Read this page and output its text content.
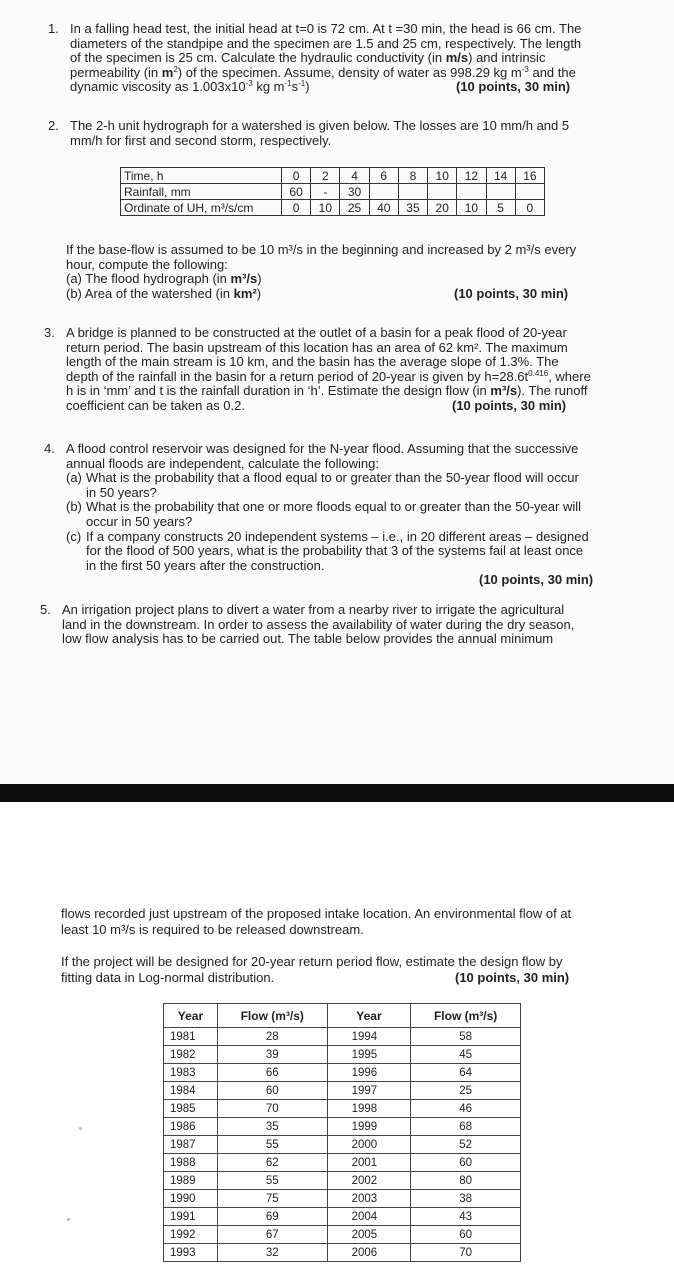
1. In a falling head test, the initial head at t=0 is 72 cm. At t =30 min, the head is 66 cm. The
diameters of the standpipe and the specimen are 1.5 and 25 cm, respectively. The length
of the specimen is 25 cm. Calculate the hydraulic conductivity (in m/s) and intrinsic
permeability (in $m^2$) of the specimen. Assume, density of water as 998.29 kg $m^{-3}$ and the
dynamic viscosity as $1.003x10^{-3}$ kg $m^{-1}s^{-1}$)	(10 points, 30 min)
2. The 2-h unit hydrograph for a watershed is given below. The losses are 10 mm/h and 5
mm/h for first and second storm, respectively.
Time, h	0	2	4	6	8	10	12	14	16
Rainfall, mm	60	-	30						
Ordinate of UH, m³/s/cm	0	10	25	40	35	20	10	5	0
If the base-flow is assumed to be 10 m³/s in the beginning and increased by 2 m³/s every
hour, compute the following:
(a) The flood hydrograph (in m³/s)
(b) Area of the watershed (in km²)	(10 points, 30 min)
3. A bridge is planned to be constructed at the outlet of a basin for a peak flood of 20-year
return period. The basin upstream of this location has an area of 62 km². The maximum
length of the main stream is 10 km, and the basin has the average slope of 1.3%. The
depth of the rainfall in the basin for a return period of 20-year is given by $h=28.6t^{0.416}$, where
h is in ‘mm’ and t is the rainfall duration in ‘h’. Estimate the design flow (in m³/s). The runoff
coefficient can be taken as 0.2.	(10 points, 30 min)
4. A flood control reservoir was designed for the N-year flood. Assuming that the successive
annual floods are independent, calculate the following:
(a) What is the probability that a flood equal to or greater than the 50-year flood will occur
in 50 years?
(b) What is the probability that one or more floods equal to or greater than the 50-year will
occur in 50 years?
(c) If a company constructs 20 independent systems – i.e., in 20 different areas – designed
for the flood of 500 years, what is the probability that 3 of the systems fail at least once
in the first 50 years after the construction.
(10 points, 30 min)
5. An irrigation project plans to divert a water from a nearby river to irrigate the agricultural
land in the downstream. In order to assess the availability of water during the dry season,
low flow analysis has to be carried out. The table below provides the annual minimum
flows recorded just upstream of the proposed intake location. An environmental flow of at
least 10 m³/s is required to be released downstream.
If the project will be designed for 20-year return period flow, estimate the design flow by
fitting data in Log-normal distribution.	(10 points, 30 min)
Year	Flow (m³/s)	Year	Flow (m³/s)
1981	28	1994	58
1982	39	1995	45
1983	66	1996	64
1984	60	1997	25
1985	70	1998	46
1986	35	1999	68
1987	55	2000	52
1988	62	2001	60
1989	55	2002	80
1990	75	2003	38
1991	69	2004	43
1992	67	2005	60
1993	32	2006	70
